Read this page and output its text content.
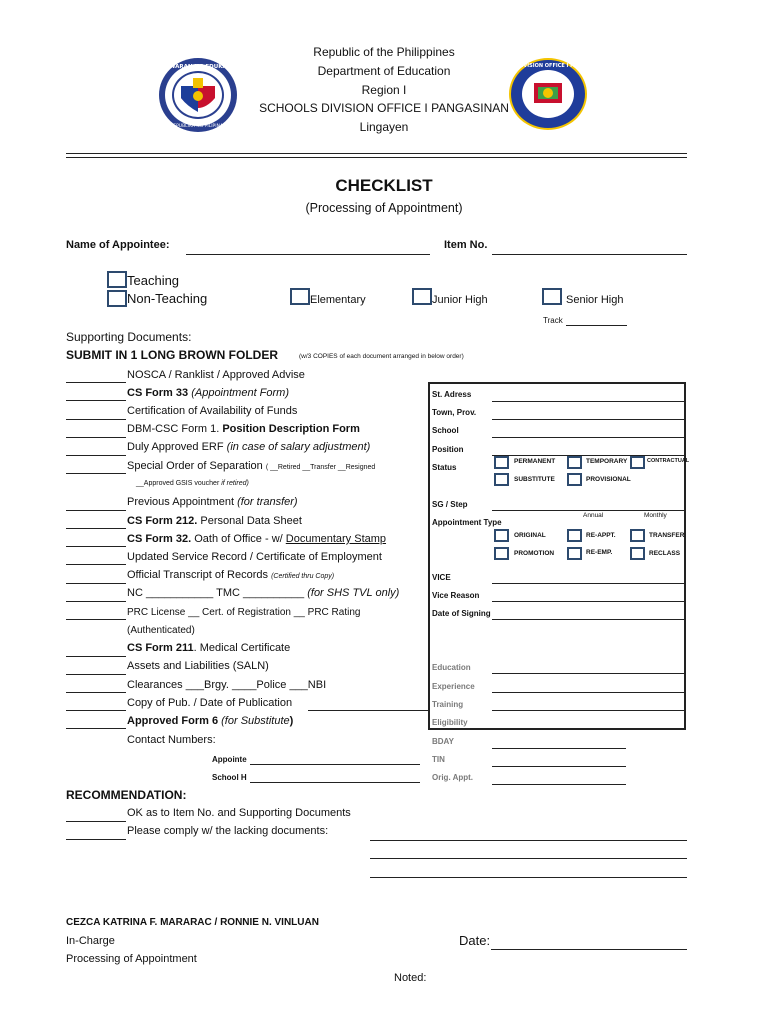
KAGAWARAN NG EDUKASYON
REPUBLIKA NG PILIPINAS
SCHOOLS DIVISION OFFICE I PANGASINAN
Republic of the Philippines
Department of Education
Region I
SCHOOLS DIVISION OFFICE I PANGASINAN
Lingayen
CHECKLIST
(Processing of Appointment)
Name of Appointee:	Item No.
Teaching
Non-Teaching	Elementary	Junior High	Senior High
Track
Supporting Documents:
SUBMIT IN 1 LONG BROWN FOLDER	(w/3 COPIES of each document arranged in below order)
NOSCA / Ranklist / Approved Advise
CS Form 33 (Appointment Form)
Certification of Availability of Funds
DBM-CSC Form 1. Position Description Form
Duly Approved ERF (in case of salary adjustment)
Special Order of Separation ( __Retired __Transfer __Resigned
__Approved GSIS voucher if retired)
Previous Appointment (for transfer)
CS Form 212. Personal Data Sheet
CS Form 32. Oath of Office - w/ Documentary Stamp
Updated Service Record / Certificate of Employment
Official Transcript of Records (Certified thru Copy)
NC ___________ TMC __________ (for SHS TVL only)
PRC License __ Cert. of Registration __ PRC Rating
(Authenticated)
CS Form 211. Medical Certificate
Assets and Liabilities (SALN)
Clearances ___Brgy. ____Police ___NBI
Copy of Pub. / Date of Publication
Approved Form 6 (for Substitute)
Contact Numbers:
Appointe
School H
St. Adress
Town, Prov.
School
Position
Status
PERMANENT	TEMPORARY	CONTRACTUAL
SUBSTITUTE	PROVISIONAL
SG / Step
Annual	Monthly
Appointment Type
ORIGINAL	RE-APPT.	TRANSFER
PROMOTION	RE-EMP.	RECLASS
VICE
Vice Reason
Date of Signing
Education
Experience
Training
Eligibility
BDAY
TIN
Orig. Appt.
RECOMMENDATION:
OK as to Item No. and Supporting Documents
Please comply w/ the lacking documents:
CEZCA KATRINA F. MARARAC / RONNIE N. VINLUAN
In-Charge
Processing of Appointment
Date:
Noted:
